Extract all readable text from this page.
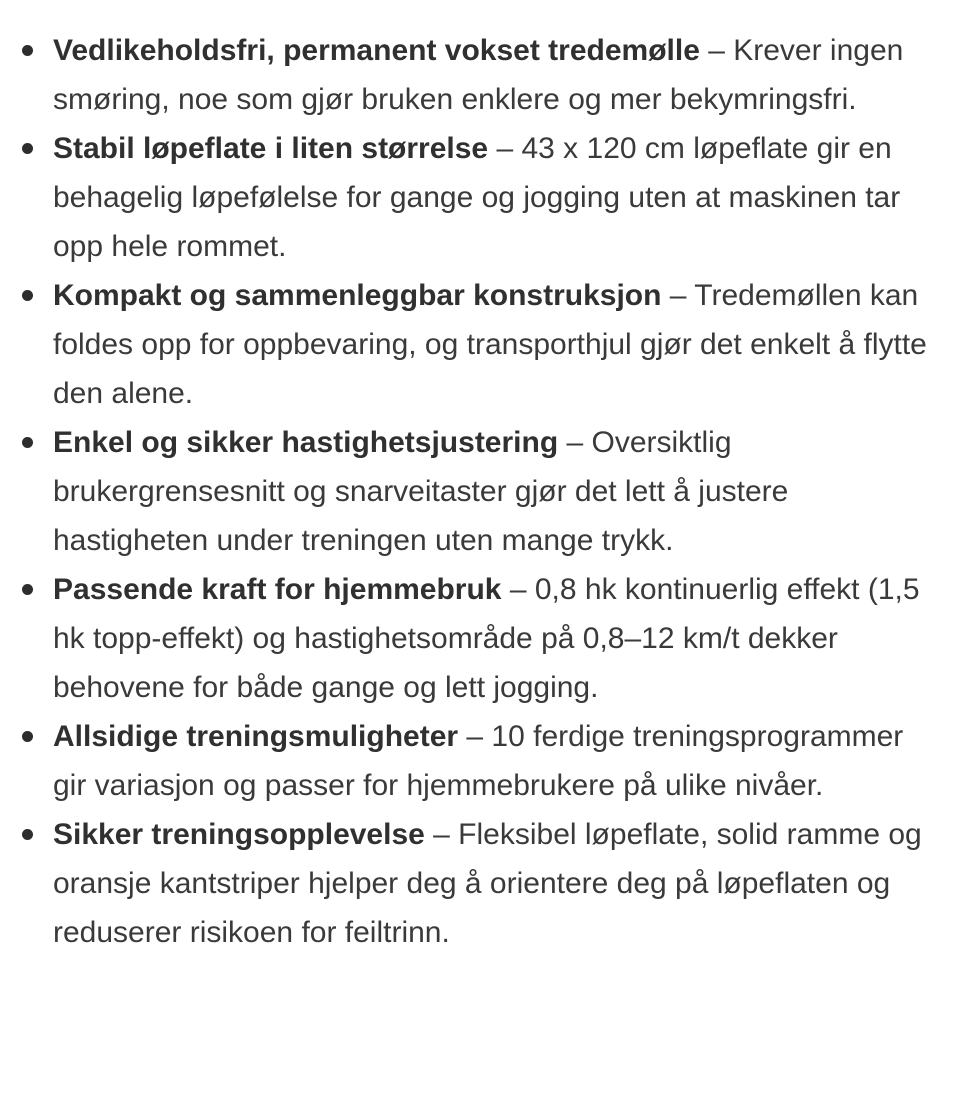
Vedlikeholdsfri, permanent vokset tredemølle – Krever ingen smøring, noe som gjør bruken enklere og mer bekymringsfri.
Stabil løpeflate i liten størrelse – 43 x 120 cm løpeflate gir en behagelig løpefølelse for gange og jogging uten at maskinen tar opp hele rommet.
Kompakt og sammenleggbar konstruksjon – Tredemøllen kan foldes opp for oppbevaring, og transporthjul gjør det enkelt å flytte den alene.
Enkel og sikker hastighetsjustering – Oversiktlig brukergrensesnitt og snarveitaster gjør det lett å justere hastigheten under treningen uten mange trykk.
Passende kraft for hjemmebruk – 0,8 hk kontinuerlig effekt (1,5 hk topp-effekt) og hastighetsområde på 0,8–12 km/t dekker behovene for både gange og lett jogging.
Allsidige treningsmuligheter – 10 ferdige treningsprogrammer gir variasjon og passer for hjemmebrukere på ulike nivåer.
Sikker treningsopplevelse – Fleksibel løpeflate, solid ramme og oransje kantstriper hjelper deg å orientere deg på løpeflaten og reduserer risikoen for feiltrinn.
